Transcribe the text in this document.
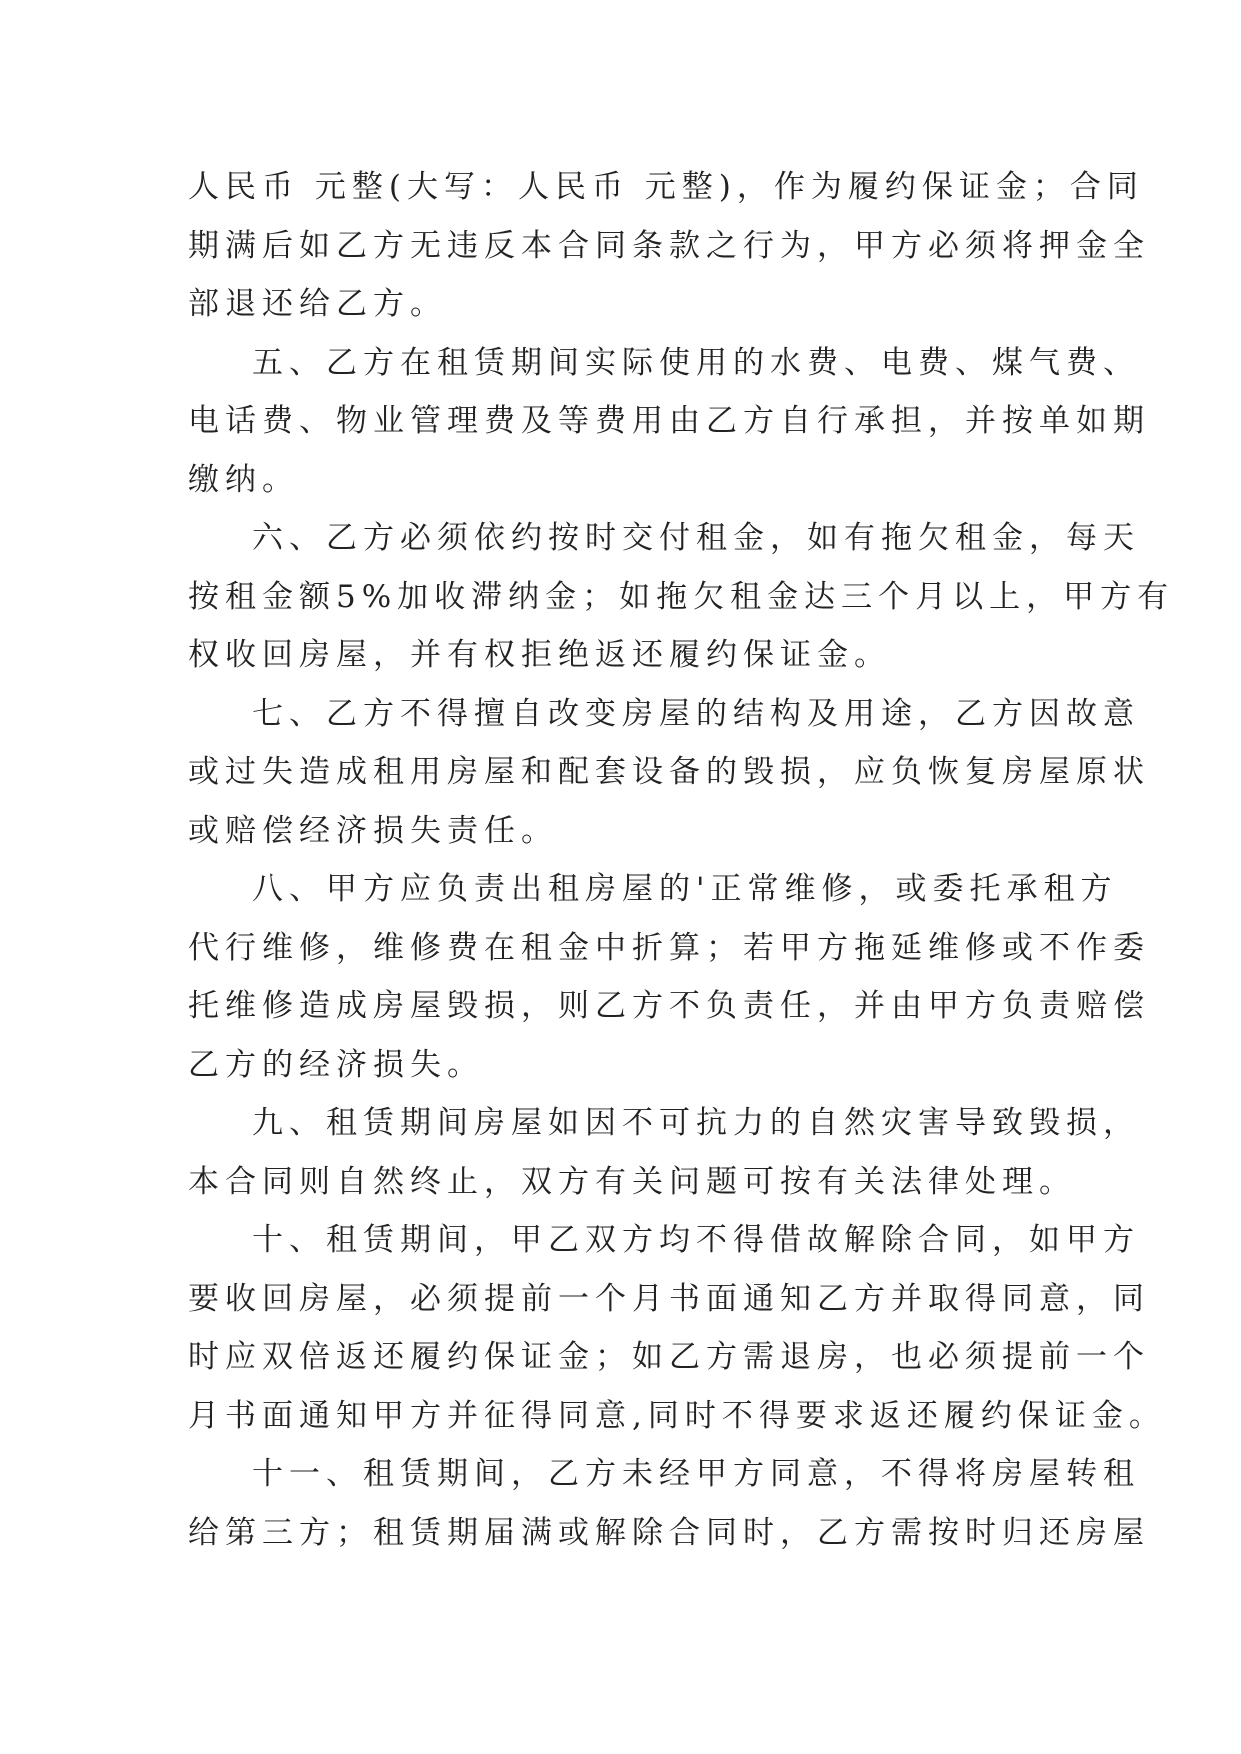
人民币 元整(大写：人民币 元整)，作为履约保证金；合同
期满后如乙方无违反本合同条款之行为，甲方必须将押金全
部退还给乙方。
五、乙方在租赁期间实际使用的水费、电费、煤气费、
电话费、物业管理费及等费用由乙方自行承担，并按单如期
缴纳。
六、乙方必须依约按时交付租金，如有拖欠租金，每天
按租金额5%加收滞纳金；如拖欠租金达三个月以上，甲方有
权收回房屋，并有权拒绝返还履约保证金。
七、乙方不得擅自改变房屋的结构及用途，乙方因故意
或过失造成租用房屋和配套设备的毁损，应负恢复房屋原状
或赔偿经济损失责任。
八、甲方应负责出租房屋的'正常维修，或委托承租方
代行维修，维修费在租金中折算；若甲方拖延维修或不作委
托维修造成房屋毁损，则乙方不负责任，并由甲方负责赔偿
乙方的经济损失。
九、租赁期间房屋如因不可抗力的自然灾害导致毁损，
本合同则自然终止，双方有关问题可按有关法律处理。
十、租赁期间，甲乙双方均不得借故解除合同，如甲方
要收回房屋，必须提前一个月书面通知乙方并取得同意，同
时应双倍返还履约保证金；如乙方需退房，也必须提前一个
月书面通知甲方并征得同意,同时不得要求返还履约保证金。
十一、租赁期间，乙方未经甲方同意，不得将房屋转租
给第三方；租赁期届满或解除合同时，乙方需按时归还房屋
